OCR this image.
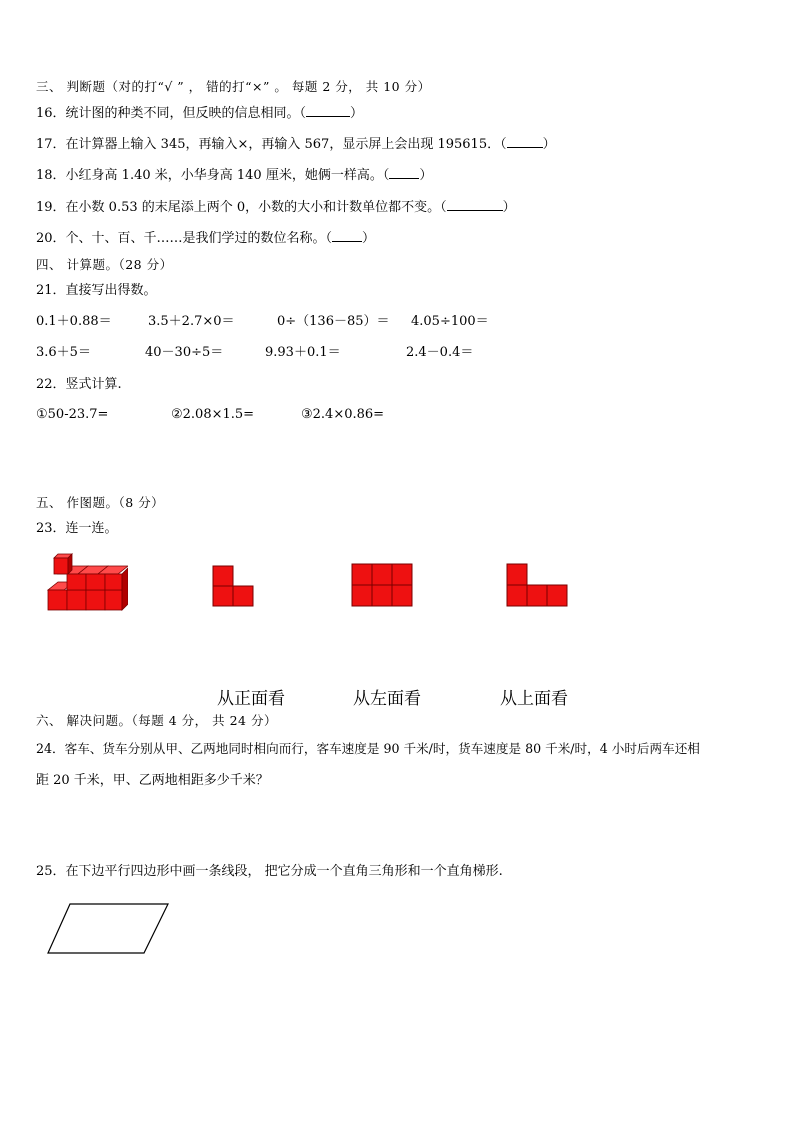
三、 判断题（对的打“√ ” ， 错的打“×” 。 每题 2 分， 共 10 分）
16．统计图的种类不同，但反映的信息相同。（	）
17．在计算器上输入 345，再输入×，再输入 567，显示屏上会出现 195615．（	）
18．小红身高 1.40 米，小华身高 140 厘米，她俩一样高。（ ）
19．在小数 0.53 的末尾添上两个 0，小数的大小和计数单位都不变。（	）
20．个、十、百、千……是我们学过的数位名称。（ ）
四、 计算题。（28 分）
21．直接写出得数。
0.1＋0.88＝	3.5＋2.7×0＝	0÷（136－85）＝ 4.05÷100＝
3.6＋5＝	40－30÷5＝	9.93＋0.1＝	2.4－0.4＝
22．竖式计算.
①50-23.7=	②2.08×1.5=	③2.4×0.86=
五、 作图题。（8 分）
23．连一连。
从正面看	从左面看	从上面看
六、 解决问题。（每题 4 分， 共 24 分）
24．客车、货车分别从甲、乙两地同时相向而行，客车速度是 90 千米/时，货车速度是 80 千米/时，4 小时后两车还相
距 20 千米，甲、乙两地相距多少千米？
25．在下边平行四边形中画一条线段， 把它分成一个直角三角形和一个直角梯形.
